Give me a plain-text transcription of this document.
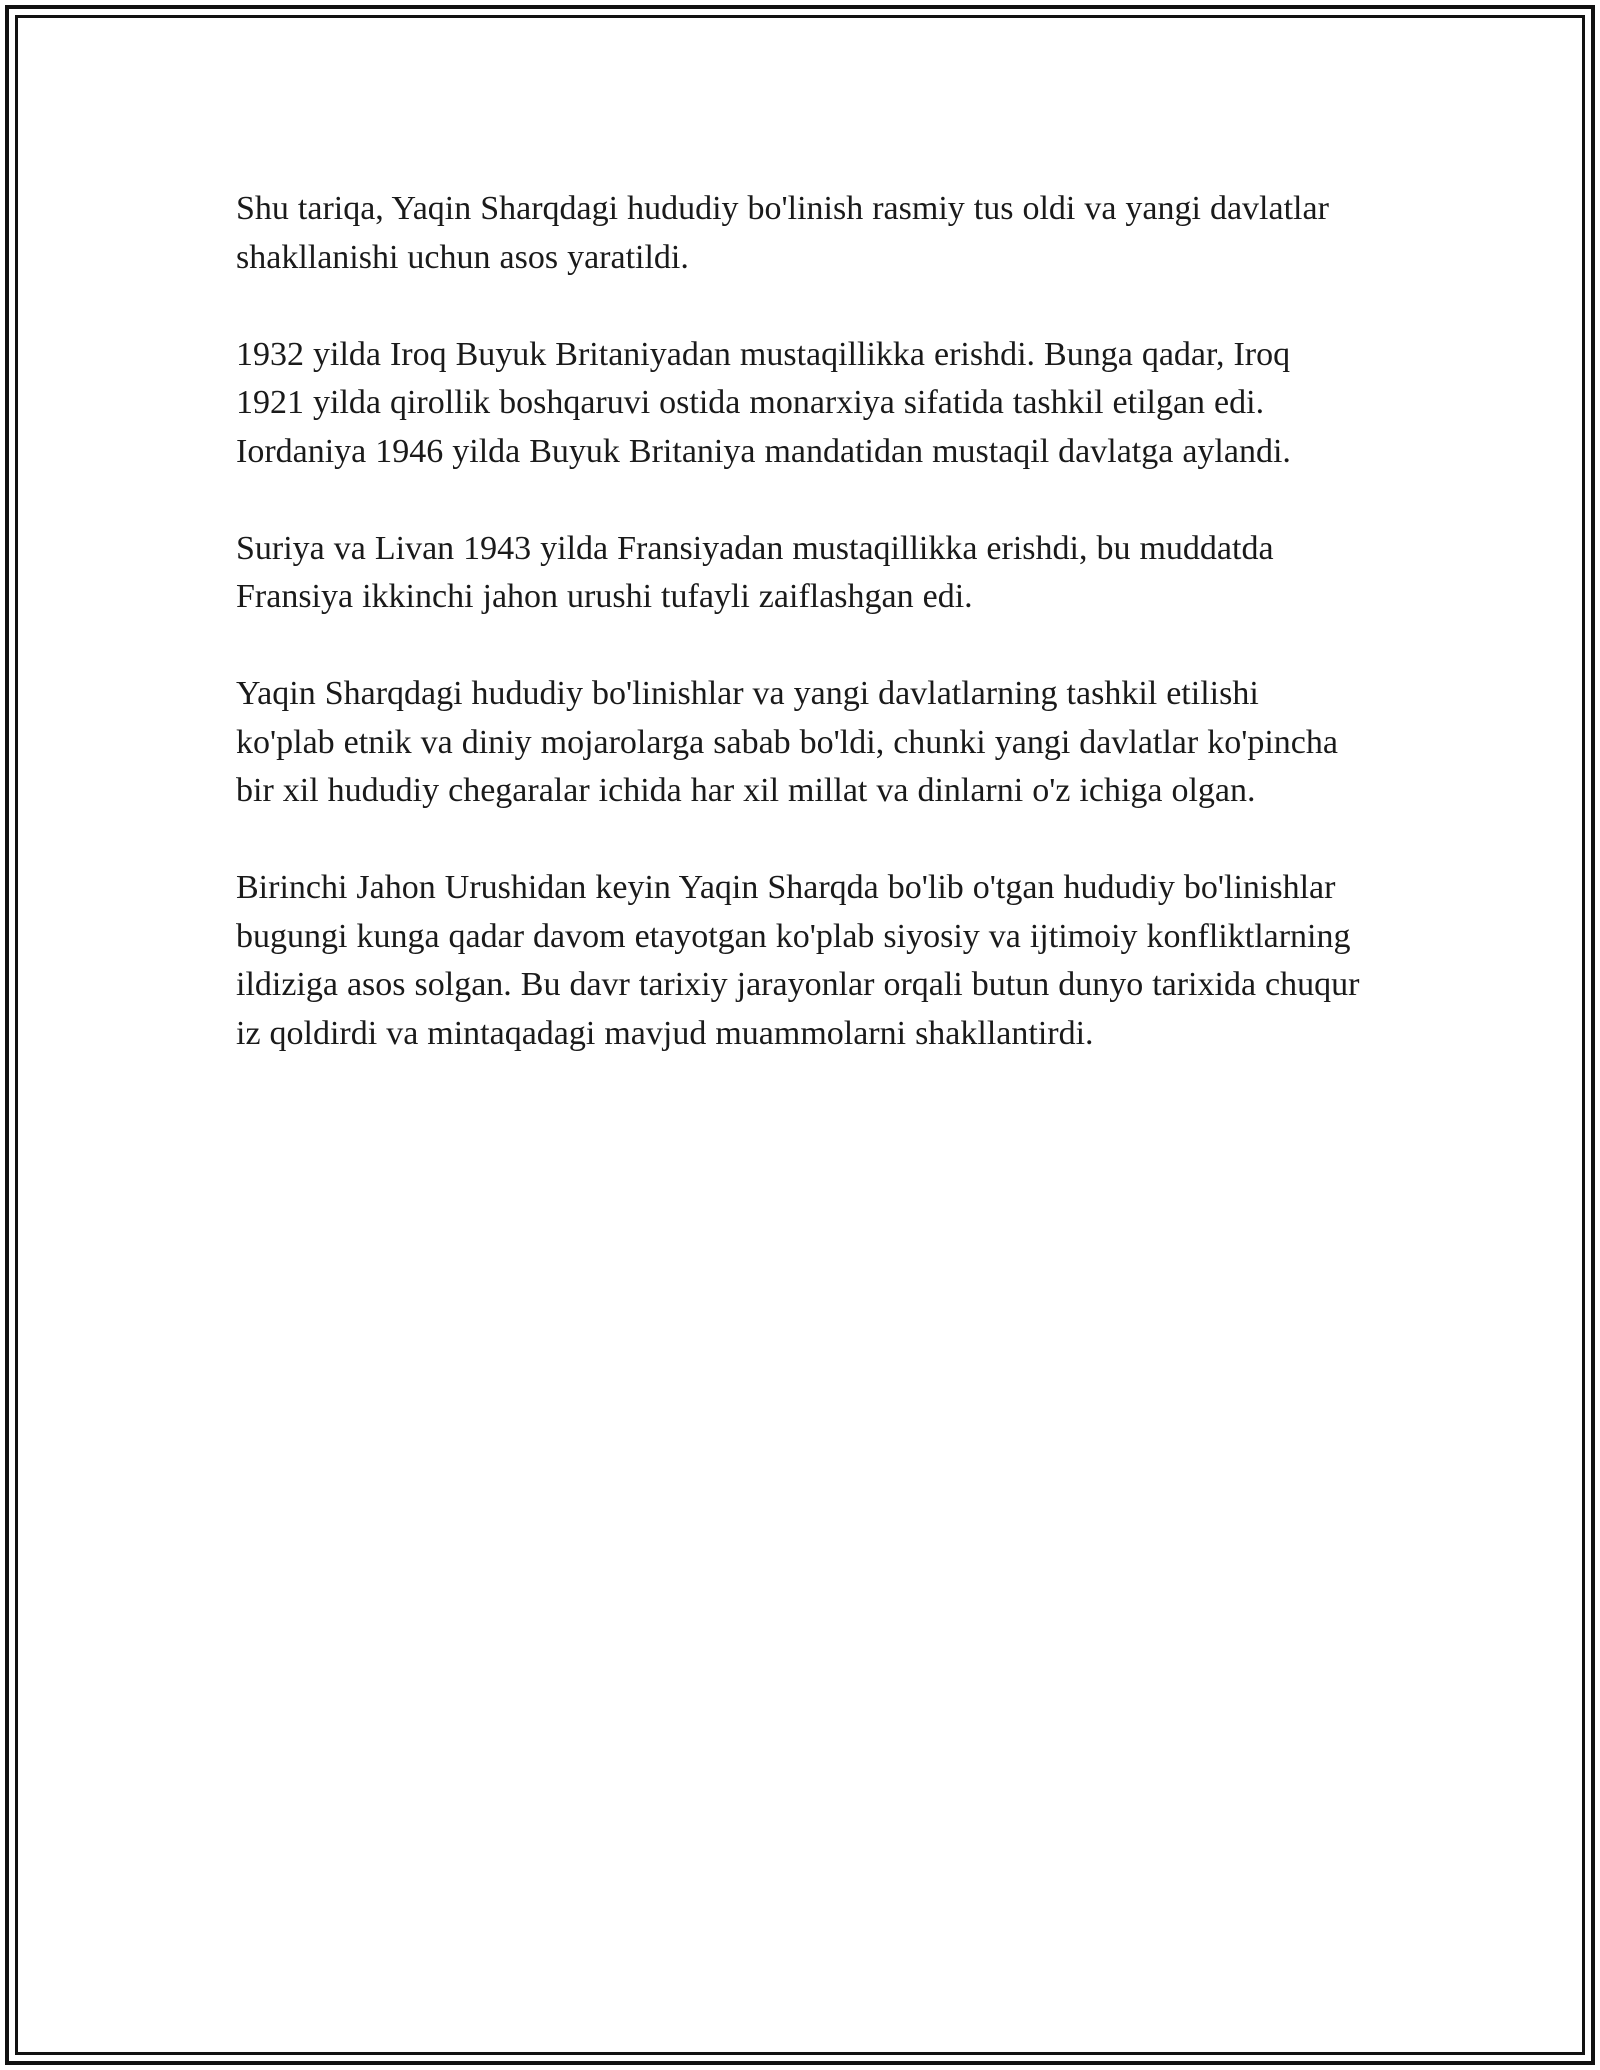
Shu tariqa, Yaqin Sharqdagi hududiy bo'linish rasmiy tus oldi va yangi davlatlar shakllanishi uchun asos yaratildi.

1932 yilda Iroq Buyuk Britaniyadan mustaqillikka erishdi. Bunga qadar, Iroq 1921 yilda qirollik boshqaruvi ostida monarxiya sifatida tashkil etilgan edi. Iordaniya 1946 yilda Buyuk Britaniya mandatidan mustaqil davlatga aylandi.

Suriya va Livan 1943 yilda Fransiyadan mustaqillikka erishdi, bu muddatda Fransiya ikkinchi jahon urushi tufayli zaiflashgan edi.

Yaqin Sharqdagi hududiy bo'linishlar va yangi davlatlarning tashkil etilishi ko'plab etnik va diniy mojarolarga sabab bo'ldi, chunki yangi davlatlar ko'pincha bir xil hududiy chegaralar ichida har xil millat va dinlarni o'z ichiga olgan.

Birinchi Jahon Urushidan keyin Yaqin Sharqda bo'lib o'tgan hududiy bo'linishlar bugungi kunga qadar davom etayotgan ko'plab siyosiy va ijtimoiy konfliktlarning ildiziga asos solgan. Bu davr tarixiy jarayonlar orqali butun dunyo tarixida chuqur iz qoldirdi va mintaqadagi mavjud muammolarni shakllantirdi.
